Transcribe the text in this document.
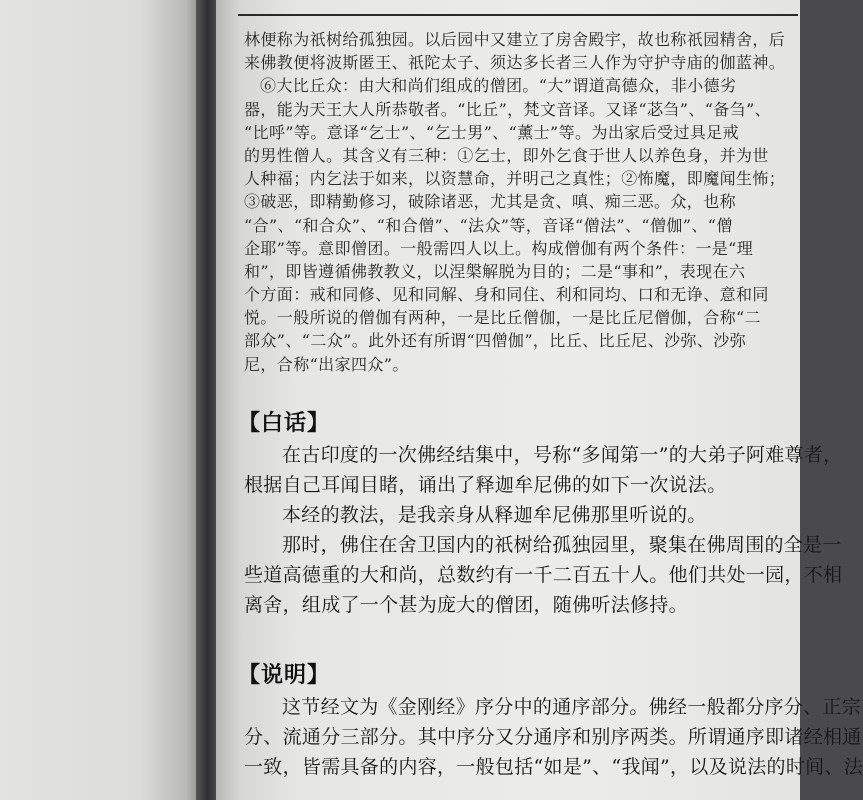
林便称为祇树给孤独园。以后园中又建立了房舍殿宇，故也称祇园精舍，后
来佛教便将波斯匿王、祇陀太子、须达多长者三人作为守护寺庙的伽蓝神。
⑥大比丘众：由大和尚们组成的僧团。“大”谓道高德众，非小德劣
器，能为天王大人所恭敬者。“比丘”，梵文音译。又译“苾刍”、“备刍”、
“比呼”等。意译“乞士”、“乞士男”、“薰士”等。为出家后受过具足戒
的男性僧人。其含义有三种：①乞士，即外乞食于世人以养色身，并为世
人种福；内乞法于如来，以资慧命，并明己之真性；②怖魔，即魔闻生怖；
③破恶，即精勤修习，破除诸恶，尤其是贪、嗔、痴三恶。众，也称
“合”、“和合众”、“和合僧”、“法众”等，音译“僧法”、“僧伽”、“僧
企耶”等。意即僧团。一般需四人以上。构成僧伽有两个条件：一是“理
和”，即皆遵循佛教教义，以涅槃解脱为目的；二是“事和”，表现在六
个方面：戒和同修、见和同解、身和同住、利和同均、口和无诤、意和同
悦。一般所说的僧伽有两种，一是比丘僧伽，一是比丘尼僧伽，合称“二
部众”、“二众”。此外还有所谓“四僧伽”，比丘、比丘尼、沙弥、沙弥
尼，合称“出家四众”。
【白话】
在古印度的一次佛经结集中，号称“多闻第一”的大弟子阿难尊者，
根据自己耳闻目睹，诵出了释迦牟尼佛的如下一次说法。
本经的教法，是我亲身从释迦牟尼佛那里听说的。
那时，佛住在舍卫国内的祇树给孤独园里，聚集在佛周围的全是一
些道高德重的大和尚，总数约有一千二百五十人。他们共处一园，不相
离舍，组成了一个甚为庞大的僧团，随佛听法修持。
【说明】
这节经文为《金刚经》序分中的通序部分。佛经一般都分序分、正宗
分、流通分三部分。其中序分又分通序和别序两类。所谓通序即诸经相通
一致，皆需具备的内容，一般包括“如是”、“我闻”，以及说法的时间、法
